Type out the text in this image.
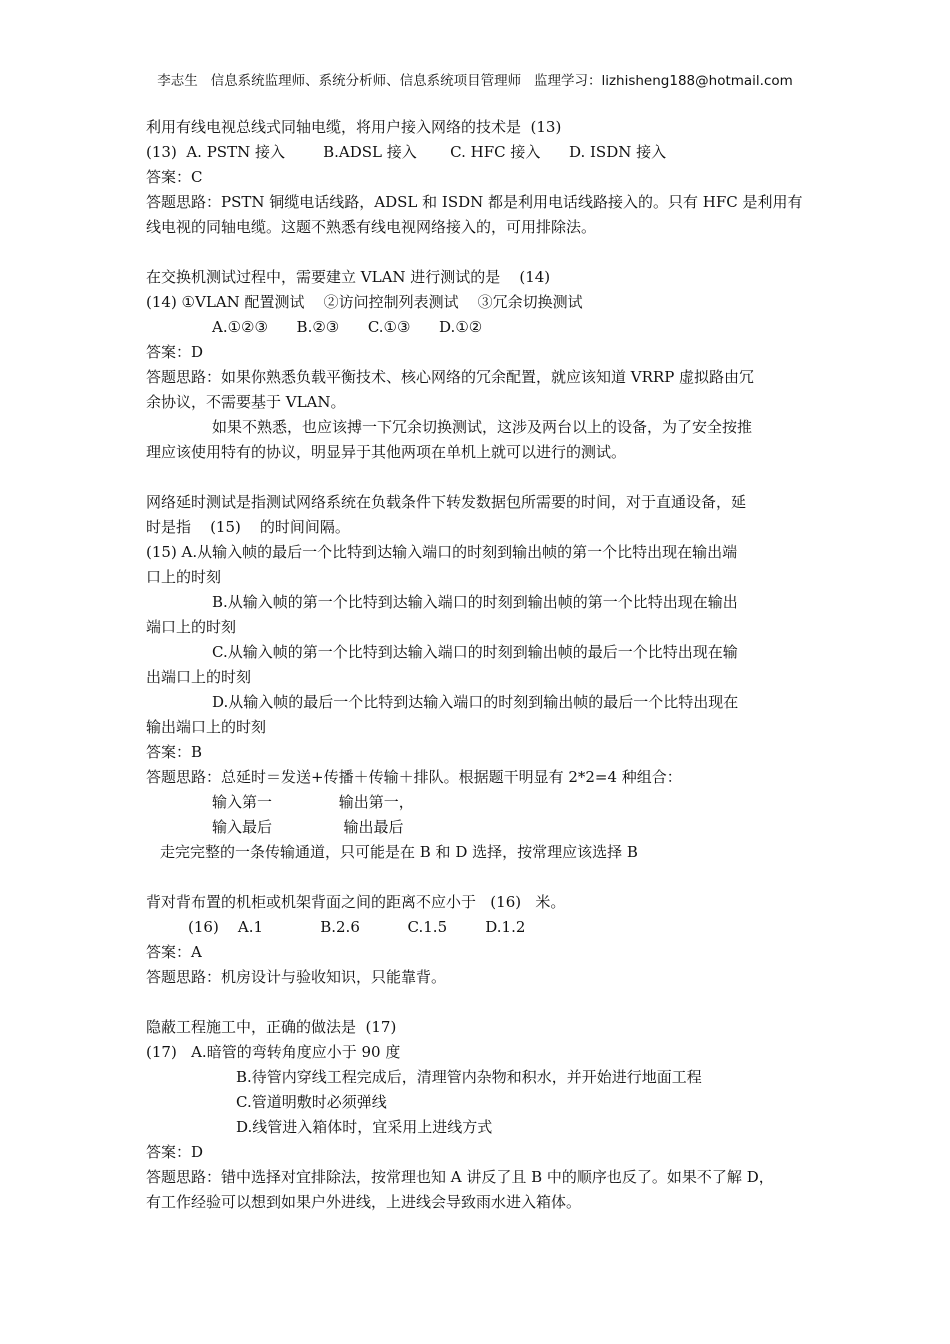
李志生   信息系统监理师、系统分析师、信息系统项目管理师   监理学习：lizhisheng188@hotmail.com
利用有线电视总线式同轴电缆，将用户接入网络的技术是  (13)
(13)  A. PSTN 接入        B.ADSL 接入       C. HFC 接入      D. ISDN 接入
答案：C
答题思路：PSTN 铜缆电话线路，ADSL 和 ISDN 都是利用电话线路接入的。只有 HFC 是利用有
线电视的同轴电缆。这题不熟悉有线电视网络接入的，可用排除法。
在交换机测试过程中，需要建立 VLAN 进行测试的是    (14)
(14) ①VLAN 配置测试    ②访问控制列表测试    ③冗余切换测试
A.①②③      B.②③      C.①③      D.①②
答案：D
答题思路：如果你熟悉负载平衡技术、核心网络的冗余配置，就应该知道 VRRP 虚拟路由冗
余协议，不需要基于 VLAN。
如果不熟悉，也应该搏一下冗余切换测试，这涉及两台以上的设备，为了安全按推
理应该使用特有的协议，明显异于其他两项在单机上就可以进行的测试。
网络延时测试是指测试网络系统在负载条件下转发数据包所需要的时间，对于直通设备，延
时是指    (15)    的时间间隔。
(15) A.从输入帧的最后一个比特到达输入端口的时刻到输出帧的第一个比特出现在输出端
口上的时刻
B.从输入帧的第一个比特到达输入端口的时刻到输出帧的第一个比特出现在输出
端口上的时刻
C.从输入帧的第一个比特到达输入端口的时刻到输出帧的最后一个比特出现在输
出端口上的时刻
D.从输入帧的最后一个比特到达输入端口的时刻到输出帧的最后一个比特出现在
输出端口上的时刻
答案：B
答题思路：总延时＝发送+传播＋传输＋排队。根据题干明显有 2*2=4 种组合：
输入第一              输出第一，
输入最后               输出最后
走完完整的一条传输通道，只可能是在 B 和 D 选择，按常理应该选择 B
背对背布置的机柜或机架背面之间的距离不应小于   (16)   米。
(16)    A.1            B.2.6          C.1.5        D.1.2
答案：A
答题思路：机房设计与验收知识，只能靠背。
隐蔽工程施工中，正确的做法是  (17)
(17)   A.暗管的弯转角度应小于 90 度
B.待管内穿线工程完成后，清理管内杂物和积水，并开始进行地面工程
C.管道明敷时必须弹线
D.线管进入箱体时，宜采用上进线方式
答案：D
答题思路：错中选择对宜排除法，按常理也知 A 讲反了且 B 中的顺序也反了。如果不了解 D，
有工作经验可以想到如果户外进线，上进线会导致雨水进入箱体。
